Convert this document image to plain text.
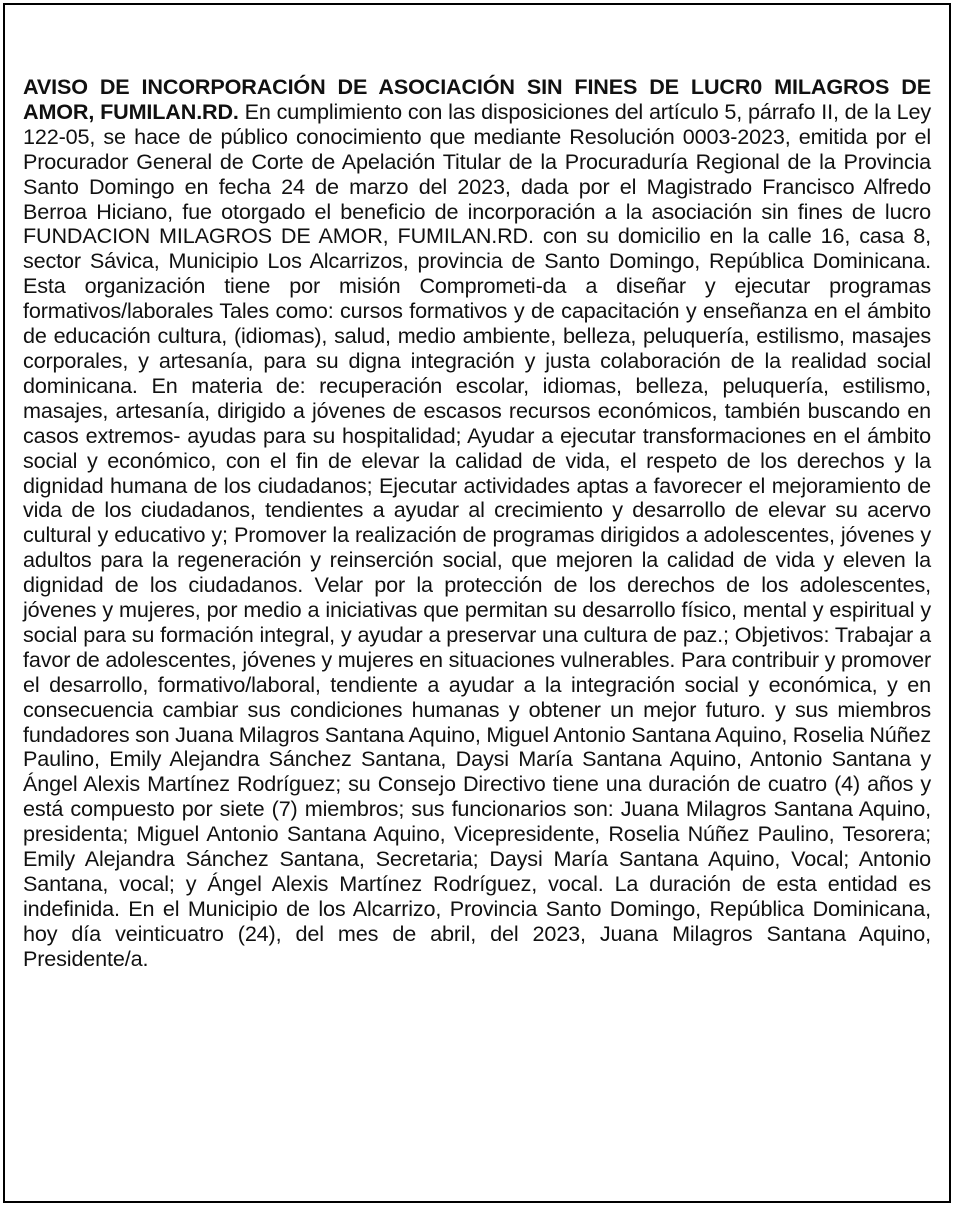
AVISO DE INCORPORACIÓN DE ASOCIACIÓN SIN FINES DE LUCR0 MILAGROS DE AMOR, FUMILAN.RD. En cumplimiento con las disposiciones del artículo 5, párrafo II, de la Ley 122-05, se hace de público conocimiento que mediante Resolución 0003-2023, emitida por el Procurador General de Corte de Apelación Titular de la Procuraduría Regional de la Provincia Santo Domingo en fecha 24 de marzo del 2023, dada por el Magistrado Francisco Alfredo Berroa Hiciano, fue otorgado el beneficio de incorporación a la asociación sin fines de lucro FUNDACION MILAGROS DE AMOR, FUMILAN.RD. con su domicilio en la calle 16, casa 8, sector Sávica, Municipio Los Alcarrizos, provincia de Santo Domingo, República Dominicana. Esta organización tiene por misión Comprometi-da a diseñar y ejecutar programas formativos/laborales Tales como: cursos formativos y de capacitación y enseñanza en el ámbito de educación cultura, (idiomas), salud, medio ambiente, belleza, peluquería, estilismo, masajes corporales, y artesanía, para su digna integración y justa colaboración de la realidad social dominicana. En materia de: recuperación escolar, idiomas, belleza, peluquería, estilismo, masajes, artesanía, dirigido a jóvenes de escasos recursos económicos, también buscando en casos extremos- ayudas para su hospitalidad; Ayudar a ejecutar transformaciones en el ámbito social y económico, con el fin de elevar la calidad de vida, el respeto de los derechos y la dignidad humana de los ciudadanos; Ejecutar actividades aptas a favorecer el mejoramiento de vida de los ciudadanos, tendientes a ayudar al crecimiento y desarrollo de elevar su acervo cultural y educativo y; Promover la realización de programas dirigidos a adolescentes, jóvenes y adultos para la regeneración y reinserción social, que mejoren la calidad de vida y eleven la dignidad de los ciudadanos. Velar por la protección de los derechos de los adolescentes, jóvenes y mujeres, por medio a iniciativas que permitan su desarrollo físico, mental y espiritual y social para su formación integral, y ayudar a preservar una cultura de paz.; Objetivos: Trabajar a favor de adolescentes, jóvenes y mujeres en situaciones vulnerables. Para contribuir y promover el desarrollo, formativo/laboral, tendiente a ayudar a la integración social y económica, y en consecuencia cambiar sus condiciones humanas y obtener un mejor futuro. y sus miembros fundadores son Juana Milagros Santana Aquino, Miguel Antonio Santana Aquino, Roselia Núñez Paulino, Emily Alejandra Sánchez Santana, Daysi María Santana Aquino, Antonio Santana y Ángel Alexis Martínez Rodríguez; su Consejo Directivo tiene una duración de cuatro (4) años y está compuesto por siete (7) miembros; sus funcionarios son: Juana Milagros Santana Aquino, presidenta; Miguel Antonio Santana Aquino, Vicepresidente, Roselia Núñez Paulino, Tesorera; Emily Alejandra Sánchez Santana, Secretaria; Daysi María Santana Aquino, Vocal; Antonio Santana, vocal; y Ángel Alexis Martínez Rodríguez, vocal. La duración de esta entidad es indefinida. En el Municipio de los Alcarrizo, Provincia Santo Domingo, República Dominicana, hoy día veinticuatro (24), del mes de abril, del 2023, Juana Milagros Santana Aquino, Presidente/a.
